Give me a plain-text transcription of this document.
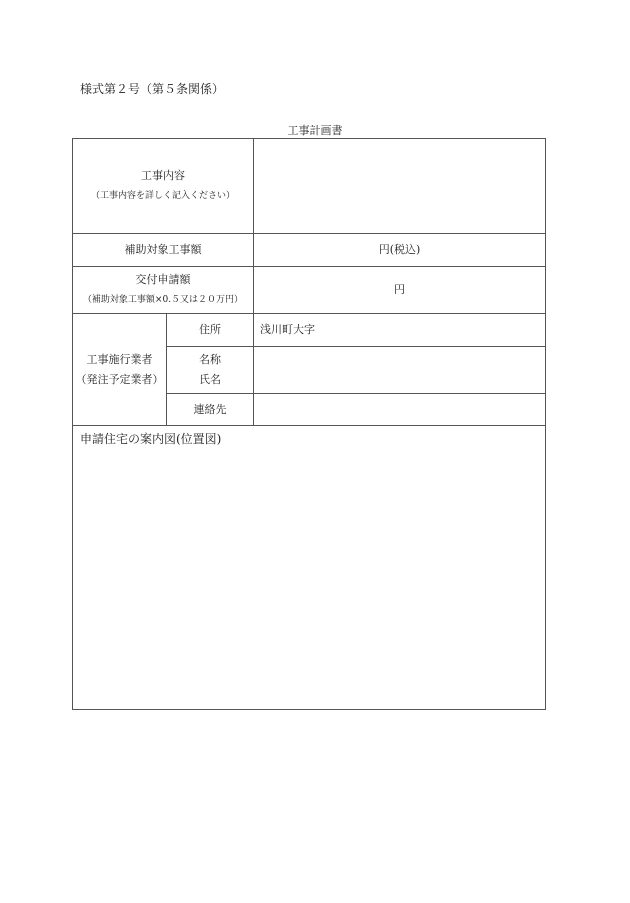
様式第２号（第５条関係）
工事計画書
工事内容
（工事内容を詳しく記入ください）
補助対象工事額	円(税込)
交付申請額
（補助対象工事額×0.５又は２０万円）
円
工事施行業者
（発注予定業者）
住所	浅川町大字
名称
氏名
連絡先
申請住宅の案内図(位置図)
